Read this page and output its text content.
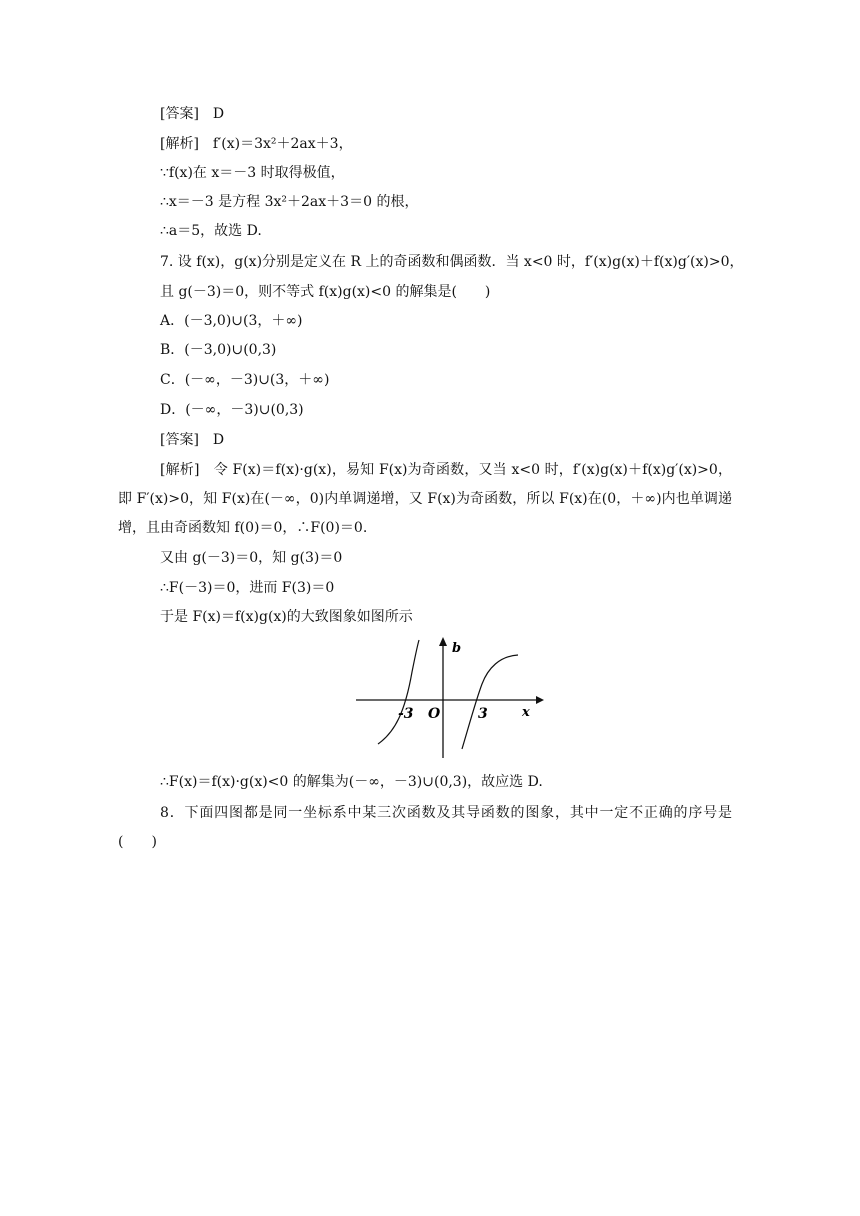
[答案]　D
[解析]　f′(x)＝3x²＋2ax＋3，
∵f(x)在 x＝－3 时取得极值，
∴x＝－3 是方程 3x²＋2ax＋3＝0 的根，
∴a＝5，故选 D.
7. 设 f(x)，g(x)分别是定义在 R 上的奇函数和偶函数．当 x<0 时，f′(x)g(x)＋f(x)g′(x)>0，
且 g(－3)＝0，则不等式 f(x)g(x)<0 的解集是(　　)
A．(－3,0)∪(3，＋∞)
B．(－3,0)∪(0,3)
C．(－∞，－3)∪(3，＋∞)
D．(－∞，－3)∪(0,3)
[答案]　D
[解析]　令 F(x)＝f(x)·g(x)，易知 F(x)为奇函数，又当 x<0 时，f′(x)g(x)＋f(x)g′(x)>0，即 F′(x)>0，知 F(x)在(－∞，0)内单调递增，又 F(x)为奇函数，所以 F(x)在(0，＋∞)内也单调递增，且由奇函数知 f(0)＝0，∴F(0)＝0.
又由 g(－3)＝0，知 g(3)＝0
∴F(－3)＝0，进而 F(3)＝0
于是 F(x)＝f(x)g(x)的大致图象如图所示
b
x
O
-3	3
∴F(x)＝f(x)·g(x)<0 的解集为(－∞，－3)∪(0,3)，故应选 D.
8．下面四图都是同一坐标系中某三次函数及其导函数的图象，其中一定不正确的序号是(　　)
